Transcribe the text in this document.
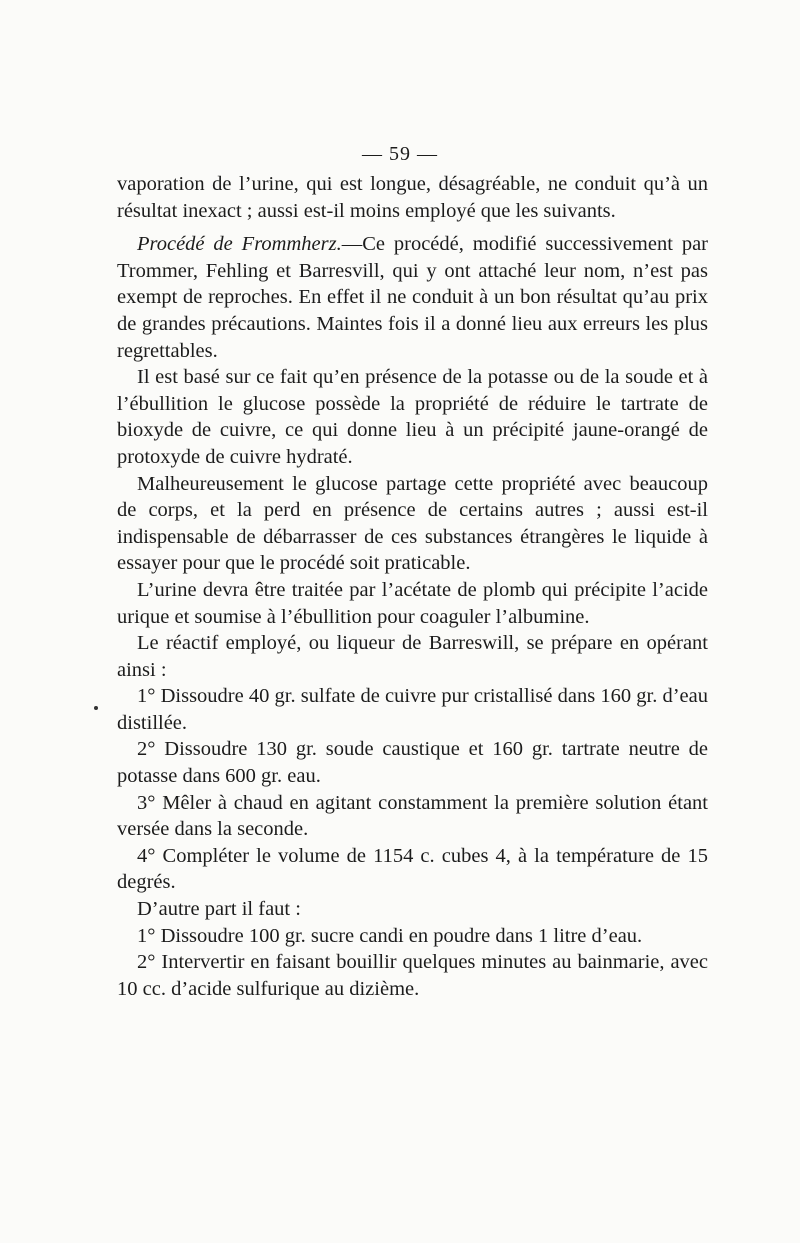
— 59 —

vaporation de l’urine, qui est longue, désagréable, ne conduit qu’à un résultat inexact ; aussi est-il moins employé que les suivants.

Procédé de Frommherz.—Ce procédé, modifié successivement par Trommer, Fehling et Barresvill, qui y ont attaché leur nom, n’est pas exempt de reproches. En effet il ne conduit à un bon résultat qu’au prix de grandes précautions. Maintes fois il a donné lieu aux erreurs les plus regrettables.

Il est basé sur ce fait qu’en présence de la potasse ou de la soude et à l’ébullition le glucose possède la propriété de réduire le tartrate de bioxyde de cuivre, ce qui donne lieu à un précipité jaune-orangé de protoxyde de cuivre hydraté.

Malheureusement le glucose partage cette propriété avec beaucoup de corps, et la perd en présence de certains autres ; aussi est-il indispensable de débarrasser de ces substances étrangères le liquide à essayer pour que le procédé soit praticable.

L’urine devra être traitée par l’acétate de plomb qui précipite l’acide urique et soumise à l’ébullition pour coaguler l’albumine.

Le réactif employé, ou liqueur de Barreswill, se prépare en opérant ainsi :

1° Dissoudre 40 gr. sulfate de cuivre pur cristallisé dans 160 gr. d’eau distillée.

2° Dissoudre 130 gr. soude caustique et 160 gr. tartrate neutre de potasse dans 600 gr. eau.

3° Mêler à chaud en agitant constamment la première solution étant versée dans la seconde.

4° Compléter le volume de 1154 c. cubes 4, à la température de 15 degrés.

D’autre part il faut :

1° Dissoudre 100 gr. sucre candi en poudre dans 1 litre d’eau.

2° Intervertir en faisant bouillir quelques minutes au bainmarie, avec 10 cc. d’acide sulfurique au dizième.
